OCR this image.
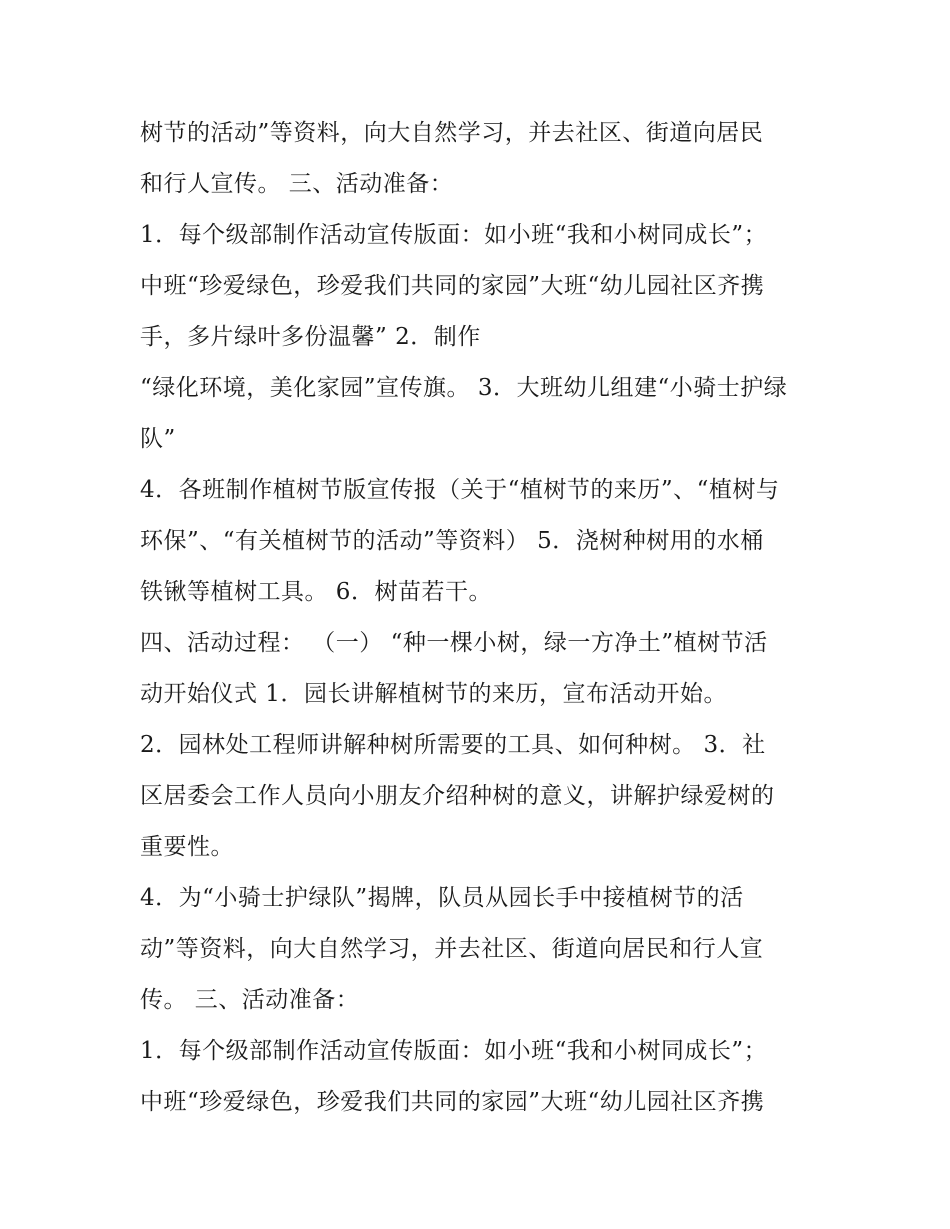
树节的活动”等资料，向大自然学习，并去社区、街道向居民
和行人宣传。 三、活动准备：
1．每个级部制作活动宣传版面：如小班“我和小树同成长”；
中班“珍爱绿色，珍爱我们共同的家园”大班“幼儿园社区齐携
手，多片绿叶多份温馨” 2．制作
“绿化环境，美化家园”宣传旗。 3．大班幼儿组建“小骑士护绿
队”
4．各班制作植树节版宣传报（关于“植树节的来历”、“植树与
环保”、“有关植树节的活动”等资料） 5．浇树种树用的水桶
铁锹等植树工具。 6．树苗若干。
四、活动过程： （一） “种一棵小树，绿一方净土”植树节活
动开始仪式 1．园长讲解植树节的来历，宣布活动开始。
2．园林处工程师讲解种树所需要的工具、如何种树。 3．社
区居委会工作人员向小朋友介绍种树的意义，讲解护绿爱树的
重要性。
4．为“小骑士护绿队”揭牌，队员从园长手中接植树节的活
动”等资料，向大自然学习，并去社区、街道向居民和行人宣
传。 三、活动准备：
1．每个级部制作活动宣传版面：如小班“我和小树同成长”；
中班“珍爱绿色，珍爱我们共同的家园”大班“幼儿园社区齐携
